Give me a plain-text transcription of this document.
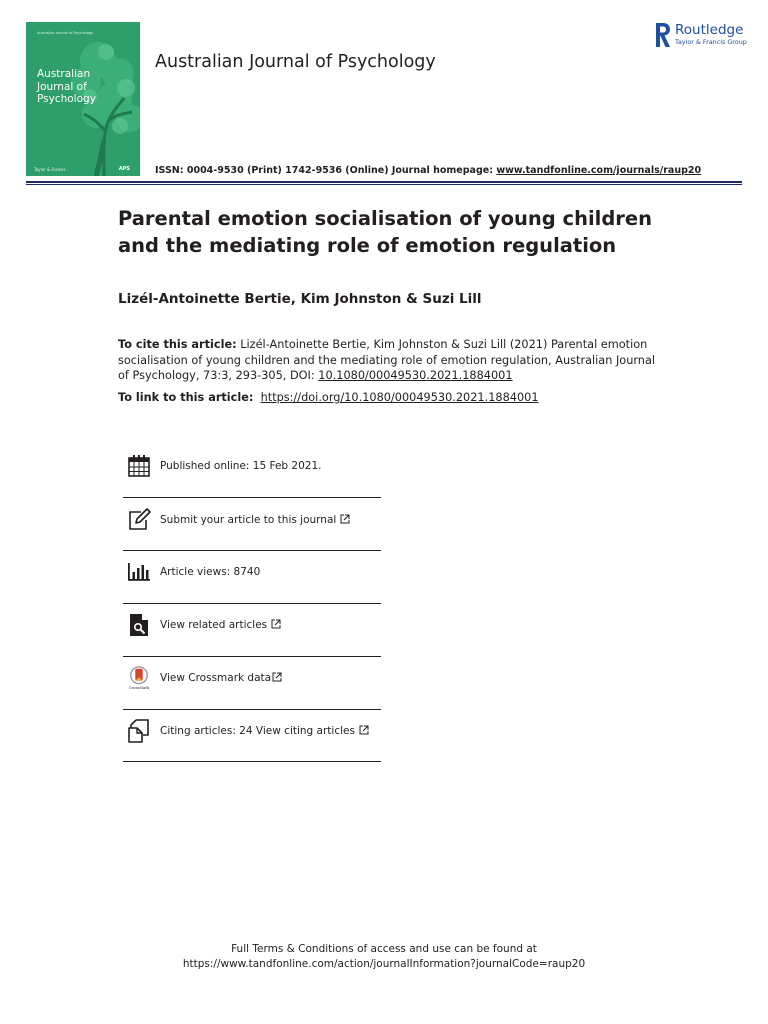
Australian Journal of Psychology
Australian
Journal of
Psychology
Taylor & Francis	APS
Australian Journal of Psychology
ISSN: 0004-9530 (Print) 1742-9536 (Online) Journal homepage: www.tandfonline.com/journals/raup20
Routledge
Taylor & Francis Group
Parental emotion socialisation of young children
and the mediating role of emotion regulation
Lizél-Antoinette Bertie, Kim Johnston & Suzi Lill
To cite this article: Lizél-Antoinette Bertie, Kim Johnston & Suzi Lill (2021) Parental emotion socialisation of young children and the mediating role of emotion regulation, Australian Journal of Psychology, 73:3, 293-305, DOI: 10.1080/00049530.2021.1884001
To link to this article: https://doi.org/10.1080/00049530.2021.1884001
Published online: 15 Feb 2021.
Submit your article to this journal
Article views: 8740
View related articles
CrossMark
View Crossmark data
Citing articles: 24 View citing articles
Full Terms & Conditions of access and use can be found at
https://www.tandfonline.com/action/journalInformation?journalCode=raup20
